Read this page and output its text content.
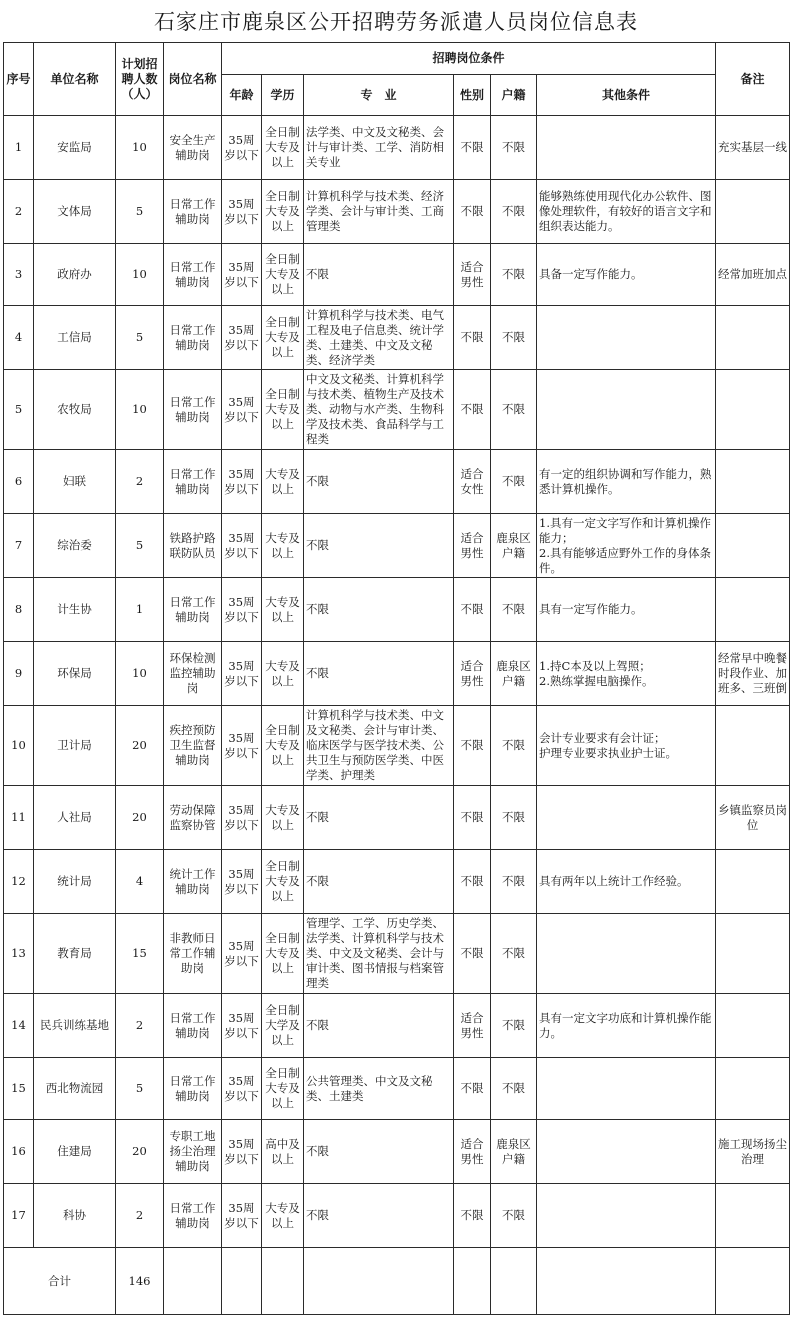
石家庄市鹿泉区公开招聘劳务派遣人员岗位信息表
序号	单位名称	计划招聘人数（人）	岗位名称	招聘岗位条件						备注
				年龄	学历	专　业	性别	户籍	其他条件	
1	安监局	10	安全生产辅助岗	35周岁以下	全日制大专及以上	法学类、中文及文秘类、会计与审计类、工学、消防相关专业	不限	不限		充实基层一线
2	文体局	5	日常工作辅助岗	35周岁以下	全日制大专及以上	计算机科学与技术类、经济学类、会计与审计类、工商管理类	不限	不限	能够熟练使用现代化办公软件、图像处理软件，有较好的语言文字和组织表达能力。	
3	政府办	10	日常工作辅助岗	35周岁以下	全日制大专及以上	不限	适合男性	不限	具备一定写作能力。	经常加班加点
4	工信局	5	日常工作辅助岗	35周岁以下	全日制大专及以上	计算机科学与技术类、电气工程及电子信息类、统计学类、土建类、中文及文秘类、经济学类	不限	不限		
5	农牧局	10	日常工作辅助岗	35周岁以下	全日制大专及以上	中文及文秘类、计算机科学与技术类、植物生产及技术类、动物与水产类、生物科学及技术类、食品科学与工程类	不限	不限		
6	妇联	2	日常工作辅助岗	35周岁以下	大专及以上	不限	适合女性	不限	有一定的组织协调和写作能力，熟悉计算机操作。	
7	综治委	5	铁路护路联防队员	35周岁以下	大专及以上	不限	适合男性	鹿泉区户籍	1.具有一定文字写作和计算机操作能力；
2.具有能够适应野外工作的身体条件。	
8	计生协	1	日常工作辅助岗	35周岁以下	大专及以上	不限	不限	不限	具有一定写作能力。	
9	环保局	10	环保检测监控辅助岗	35周岁以下	大专及以上	不限	适合男性	鹿泉区户籍	1.持C本及以上驾照；
2.熟练掌握电脑操作。	经常早中晚餐时段作业、加班多、三班倒
10	卫计局	20	疾控预防卫生监督辅助岗	35周岁以下	全日制大专及以上	计算机科学与技术类、中文及文秘类、会计与审计类、临床医学与医学技术类、公共卫生与预防医学类、中医学类、护理类	不限	不限	会计专业要求有会计证；
护理专业要求执业护士证。	
11	人社局	20	劳动保障监察协管	35周岁以下	大专及以上	不限	不限	不限		乡镇监察员岗位
12	统计局	4	统计工作辅助岗	35周岁以下	全日制大专及以上	不限	不限	不限	具有两年以上统计工作经验。	
13	教育局	15	非教师日常工作辅助岗	35周岁以下	全日制大专及以上	管理学、工学、历史学类、法学类、计算机科学与技术类、中文及文秘类、会计与审计类、图书情报与档案管理类	不限	不限		
14	民兵训练基地	2	日常工作辅助岗	35周岁以下	全日制大学及以上	不限	适合男性	不限	具有一定文字功底和计算机操作能力。	
15	西北物流园	5	日常工作辅助岗	35周岁以下	全日制大专及以上	公共管理类、中文及文秘类、土建类	不限	不限		
16	住建局	20	专职工地扬尘治理辅助岗	35周岁以下	高中及以上	不限	适合男性	鹿泉区户籍		施工现场扬尘治理
17	科协	2	日常工作辅助岗	35周岁以下	大专及以上	不限	不限	不限		
合计		146								
